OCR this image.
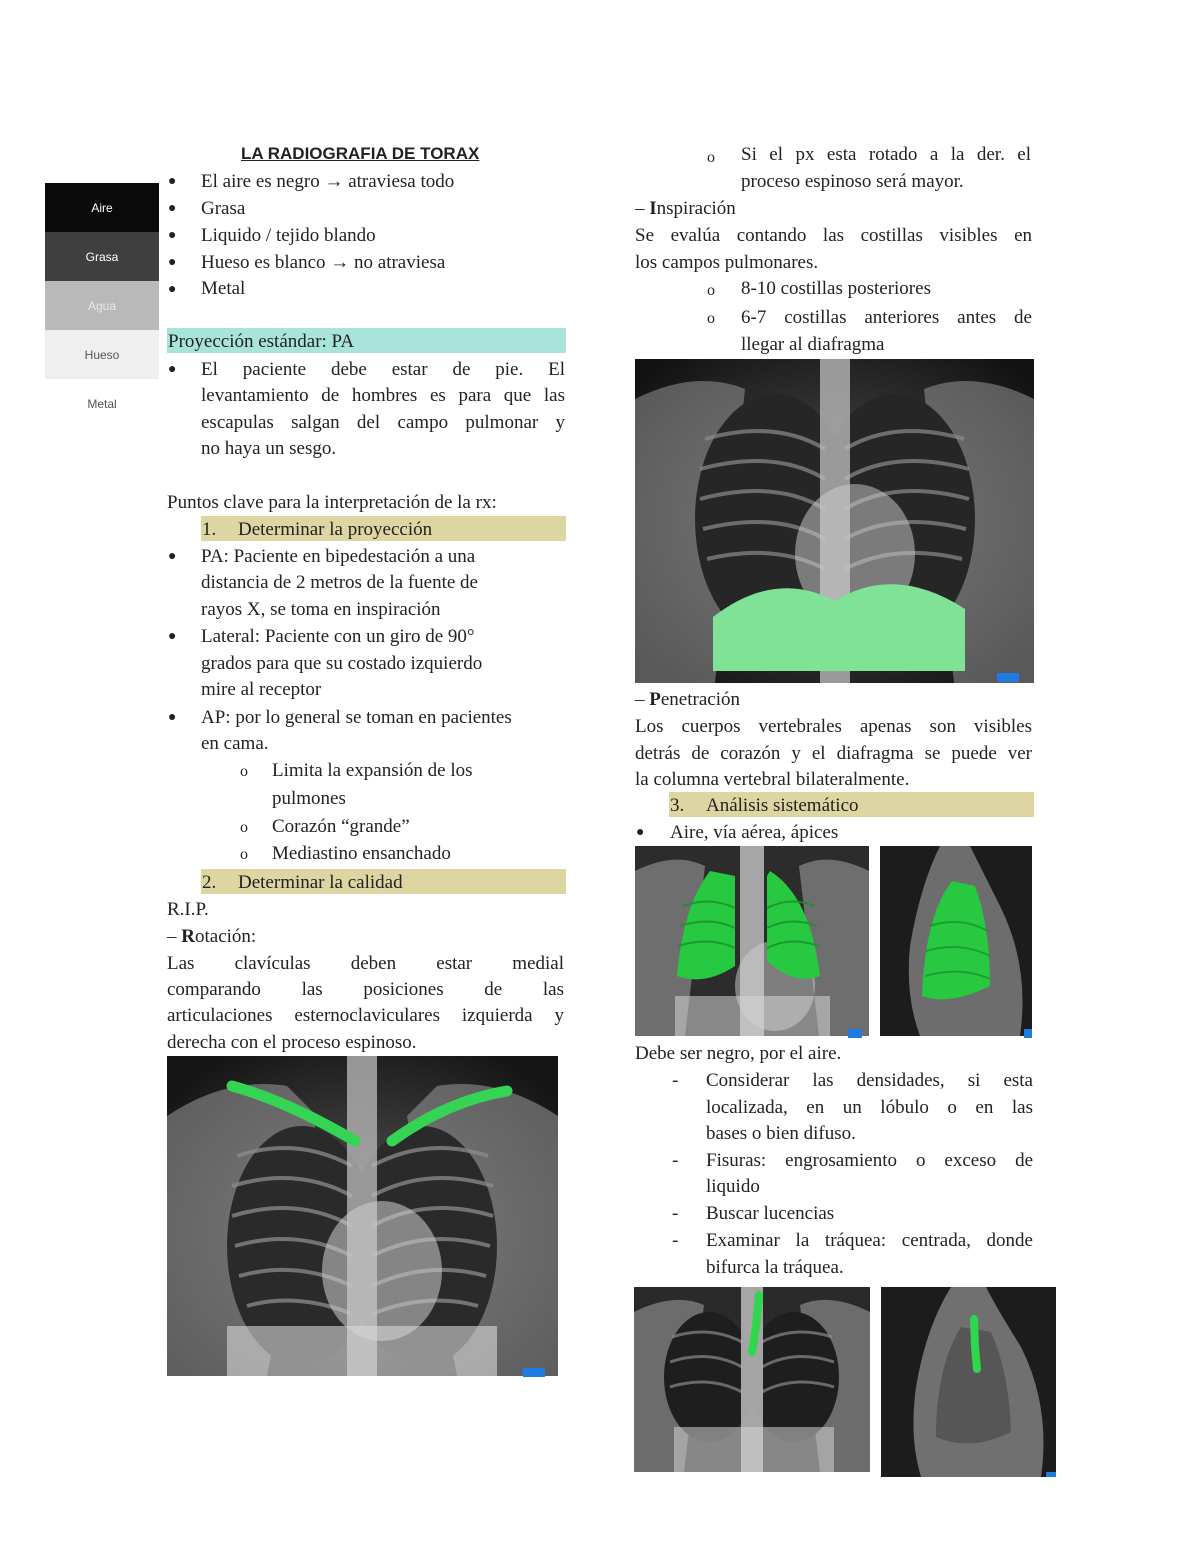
Aire
Grasa
Agua
Hueso
Metal
LA RADIOGRAFIA DE TORAX
● El aire es negro → atraviesa todo
● Grasa
● Liquido / tejido blando
● Hueso es blanco → no atraviesa
● Metal
Proyección estándar: PA
● El paciente debe estar de pie. El
levantamiento de hombres es para que las
escapulas salgan del campo pulmonar y
no haya un sesgo.
Puntos clave para la interpretación de la rx:
1. Determinar la proyección
● PA: Paciente en bipedestación a una
distancia de 2 metros de la fuente de
rayos X, se toma en inspiración
● Lateral: Paciente con un giro de 90°
grados para que su costado izquierdo
mire al receptor
● AP: por lo general se toman en pacientes
en cama.
o Limita la expansión de los
pulmones
o Corazón “grande”
o Mediastino ensanchado
2. Determinar la calidad
R.I.P.
– Rotación:
Las clavículas deben estar medial
comparando las posiciones de las
articulaciones esternoclaviculares izquierda y
derecha con el proceso espinoso.
o Si el px esta rotado a la der. el
proceso espinoso será mayor.
– Inspiración
Se evalúa contando las costillas visibles en
los campos pulmonares.
o 8-10 costillas posteriores
o 6-7 costillas anteriores antes de
llegar al diafragma
– Penetración
Los cuerpos vertebrales apenas son visibles
detrás de corazón y el diafragma se puede ver
la columna vertebral bilateralmente.
3. Análisis sistemático
● Aire, vía aérea, ápices
Debe ser negro, por el aire.
- Considerar las densidades, si esta
localizada, en un lóbulo o en las
bases o bien difuso.
- Fisuras: engrosamiento o exceso de
liquido
- Buscar lucencias
- Examinar la tráquea: centrada, donde
bifurca la tráquea.
